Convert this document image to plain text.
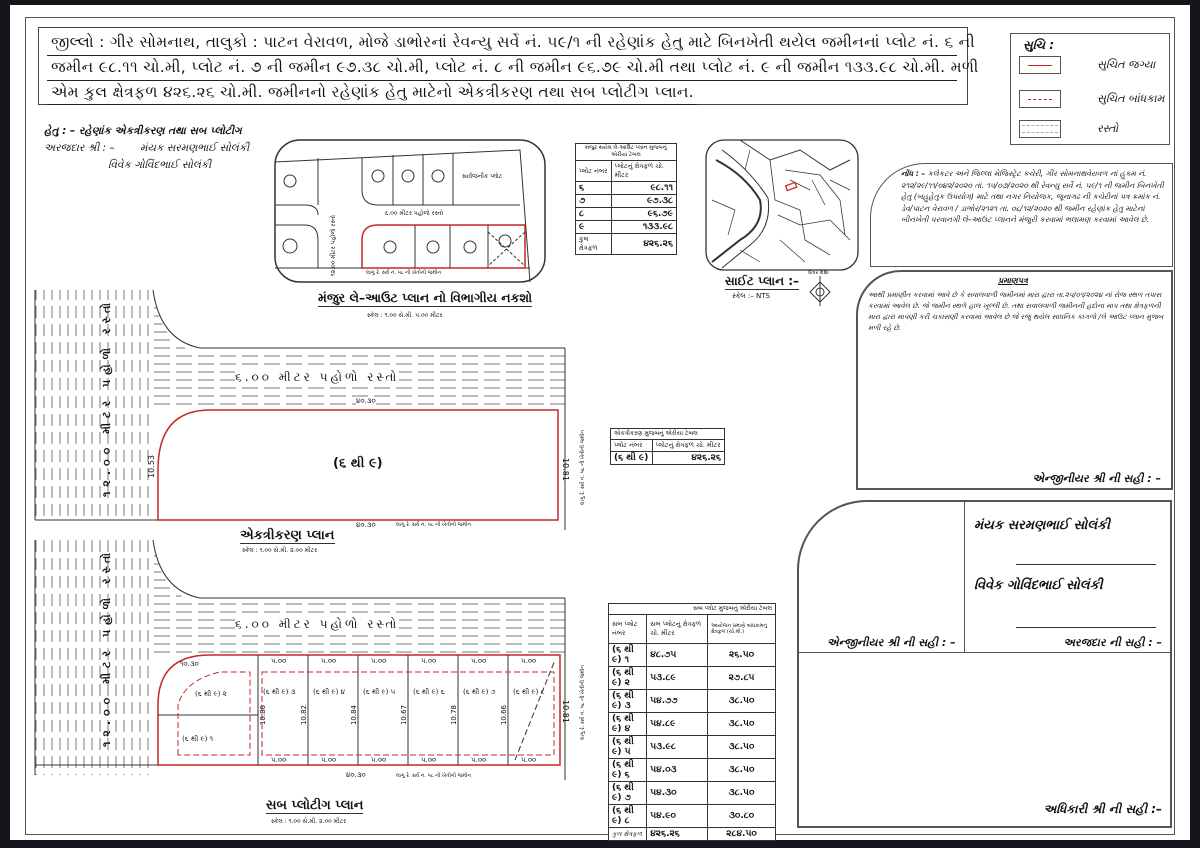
જીલ્લો : ગીર સોમનાથ, તાલુકો : પાટન વેરાવળ, મોજે ડાભોરનાં રેવન્યુ સર્વે નં. ૫૯/૧ ની રહેણાંક હેતુ માટે બિનખેતી થયેલ જમીનનાં પ્લોટ નં. ૬ ની
જમીન ૯૮.૧૧ ચો.મી, પ્લોટ નં. ૭ ની જમીન ૯૭.૩૮ ચો.મી, પ્લોટ નં. ૮ ની જમીન ૯૬.૭૯ ચો.મી તથા પ્લોટ નં. ૯ ની જમીન ૧૩૩.૯૮ ચો.મી. મળી
એમ કુલ ક્ષેત્રફળ ૪૨૬.૨૬ ચો.મી. જમીનનો રહેણાંક હેતુ માટેનો એકત્રીકરણ તથા સબ પ્લોટીગ પ્લાન.
સુચિ :
સુચિત જગ્યા
સુચિત બાંધકામ
રસ્તો
હેતુ : – રહેણાંક એકત્રીકરણ તથા સબ પ્લોટીગ
અરજદાર શ્રી : – મંયક સરમણભાઈ સોલંકી
વિવેક ગોવિંદભાઈ સોલંકી
સાર્વજનીક પ્લોટ
૬.૦૦ મીટર પહોળો રસ્તો
૧૨.૦૦ મીટર પહોળો રસ્તો	લાગુ રે. સર્વે નં. ૫૮ ની ખેતીની જમીન
મંજુર લે–આઉટ પ્લાન નો વિભાગીય નકશો
સ્કેલ : ૧.૦૦ સે.મી. ૫.૦૦ મીટર
મંજુર થયેલ લે-આઉટ પ્લાન મુજબનું એરીયા ટેબલ	
પ્લોટ નંબર	પ્લોટનું ક્ષેત્રફળ ચો. મીટર
૬	૯૮.૧૧
૭	૯૭.૩૮
૮	૯૬.૭૯
૯	૧૩૩.૯૮
કુલ ક્ષેત્રફળ	૪૨૬.૨૬
સાઈટ પ્લાન :–
સ્કેલ :– NTS
ઉત્તર દિશા
નોંધ : – કલેકટર અને જિલ્લા મેજિસ્ટ્રેટ કચેરી, ગીર સોમનાથવેરાવળ નાં હુકમ નં. ૨૧૨/૨૯/૧૧/૦૪૨/૨૦૨૦ તાં. ૧૫/૦૭/૨૦૨૦ થી રેવન્યુ સર્વે નં. ૫૯/૧ ની જમીન બિનખેતી હેતુ (બહુહેતુક ઉપયોગ) માટે તથા નગર નિયોજક, જૂનાગઢ ની કચેરીનાં પત્ર ક્રમાંક નં. ડેવ/પાટન વેરાવળ / ડાભોર/૨૧૨૧ તા. ૦૮/૧૨/૨૦૨૦ થી જમીન રહેણાંક હેતુ માટેનાં બીનખેતી પરવાનગી લે–આઉટ પ્લાનને મંજુરી કરવામાં ભલામણ કરવામાં આવેલ છે.
પ્રમાણપત્ર
આથી પ્રમાણીત કરવામાં આવે છે કે સવાલવાળી જમીનમાં મારા દ્વારા તા.૨૫/૦૧/૨૦૨૪ નાં રોજ સ્થળ તપાસ કરવામાં આવેલ છે. જે જમીન સ્થળે હાલ ખુલ્લી છે. તથા સવાલવાળી જમીનની હદોના માપ તથા ક્ષેત્રફળની મારા દ્વારા માપણી કરી ચકાસણી કરવામાં આવેલ છે જે રજુ થયેલ સાધનિક કાગળો /લે આઉટ પ્લાન મુજબ મળી રહે છે.
એન્જીનીયર શ્રી ની સહી : –
૧૨.૦૦ મીટર પહોળો રસ્તો	૬.૦૦ મીટર પહોળો રસ્તો
૪૦.૩૦
(૬ થી ૯)
10.53	10.81
૪૦.૩૦
લાગુ રે. સર્વે નં. ૫૮ ની ખેતીની જમીન
લાગુ રે. સર્વે નં. ૫૮ ની ખેતીની જમીન
એકત્રીકરણ પ્લાન
સ્કેલ : ૧.૦૦ સે.મી. ૨.૦૦ મીટર
એકત્રીકરણ મુજબનું એરીયા ટેબલ	
પ્લોટ નંબર	પ્લોટનું ક્ષેત્રફળ ચો. મીટર
(૬ થી ૯)	૪૨૬.૨૬
૧૨.૦૦ મીટર પહોળો રસ્તો	૬.૦૦ મીટર પહોળો રસ્તો
૧૦.૩૦
(૬ થી ૯) ૧
(૬ થી ૯) ૨	(૬ થી ૯) ૩	(૬ થી ૯) ૪	(૬ થી ૯) ૫	(૬ થી ૯) ૬	(૬ થી ૯) ૭	(૬ થી ૯) ૮
૫.૦૦	૫.૦૦	૫.૦૦	૫.૦૦	૫.૦૦	૫.૦૦
૫.૦૦	૫.૦૦	૫.૦૦	૫.૦૦	૫.૦૦	૫.૦૦
10.80	10.82	10.84	10.67	10.78	10.66	10.81 લાગુ રે. સર્વે નં. ૫૮ ની ખેતીની જમીન
૪૦.૩૦	લાગુ રે. સર્વે નં. ૫૮ ની ખેતીની જમીન
સબ પ્લોટીગ પ્લાન
સ્કેલ : ૧.૦૦ સે.મી. ૨.૦૦ મીટર
સબ પ્લોટ મુજબનું એરીયા ટેબલ		
સબ પ્લોટ નંબર	સબ પ્લોટનું ક્ષેત્રફળ ચો. મીટર	આયોજન પ્રમાણે બાંધકામનું ક્ષેત્રફળ (ચો.મી.)
(૬ થી ૯) ૧	૪૮.૭૫	૨૬.૫૦
(૬ થી ૯) ૨	૫૩.૮૯	૨૭.૮૫
(૬ થી ૯) ૩	૫૪.૭૭	૩૮.૫૦
(૬ થી ૯) ૪	૫૪.૮૯	૩૮.૫૦
(૬ થી ૯) ૫	૫૩.૯૮	૩૮.૫૦
(૬ થી ૯) ૬	૫૪.૦૩	૩૮.૫૦
(૬ થી ૯) ૭	૫૪.૩૦	૩૮.૫૦
(૬ થી ૯) ૮	૫૪.૯૦	૩૦.૮૦
કુલ ક્ષેત્રફળ	૪૨૬.૨૬	૨૮૪.૫૦
મંયક સરમણભાઈ સોલંકી
વિવેક ગોવિંદભાઈ સોલંકી
એન્જીનીયર શ્રી ની સહી : –	અરજદાર ની સહી : –
અધિકારી શ્રી ની સહી :–
